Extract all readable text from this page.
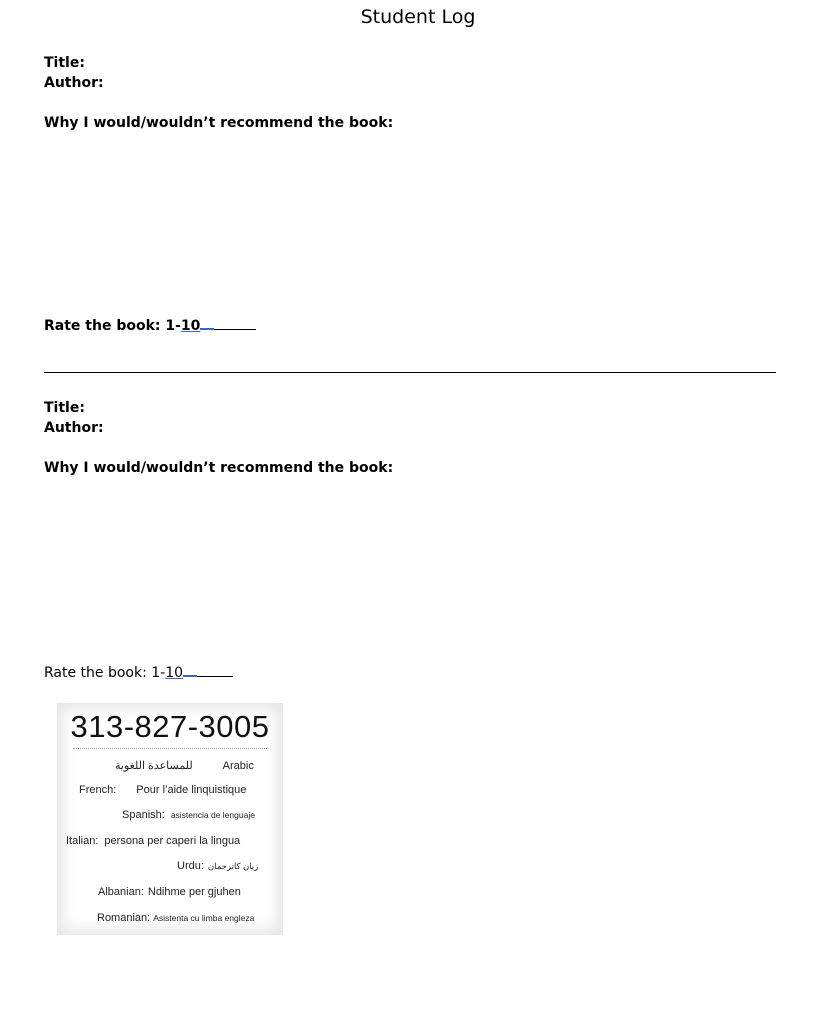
Student Log

Title:

Author:

Why I would/wouldn’t recommend the book:

Rate the book: 1-10

Title:

Author:

Why I would/wouldn’t recommend the book:

Rate the book: 1-10
313-827-3005
للمساعدة اللغوية	Arabic
French: Pour l’aide linquistique
Spanish: asistencia de lenguaje
Italian: persona per caperi la lingua
Urdu: زبان کاترجمان
Albanian: Ndihme per gjuhen
Romanian: Asistenta cu limba engleza
